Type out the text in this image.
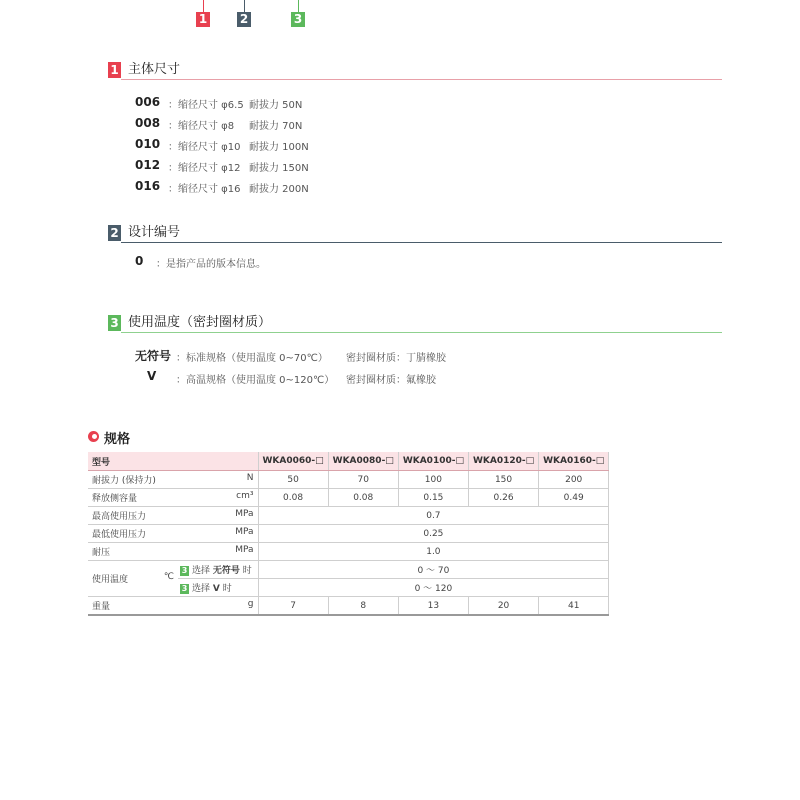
1	2	3
1 主体尺寸
006 ：缩径尺寸 φ6.5 耐拔力 50N
008 ：缩径尺寸 φ8 耐拔力 70N
010 ：缩径尺寸 φ10 耐拔力 100N
012 ：缩径尺寸 φ12 耐拔力 150N
016 ：缩径尺寸 φ16 耐拔力 200N
2 设计编号
0 ：是指产品的版本信息。
3 使用温度（密封圈材质）
无符号 ：标准规格（使用温度 0~70℃） 密封圈材质：丁腈橡胶
V ：高温规格（使用温度 0~120℃） 密封圈材质：氟橡胶
规格
型号		WKA0060-□	WKA0080-□	WKA0100-□	WKA0120-□	WKA0160-□

耐拔力 (保持力) N		50	70	100	150	200

释放侧容量 cm³		0.08	0.08	0.15	0.26	0.49

最高使用压力 MPa		0.7				

最低使用压力 MPa		0.25				

耐压 MPa		1.0				

使用温度 ℃	3 选择 无符号 时	0 ～ 70				
	3 选择 V 时	0 ～ 120				

重量 g		7	8	13	20	41
